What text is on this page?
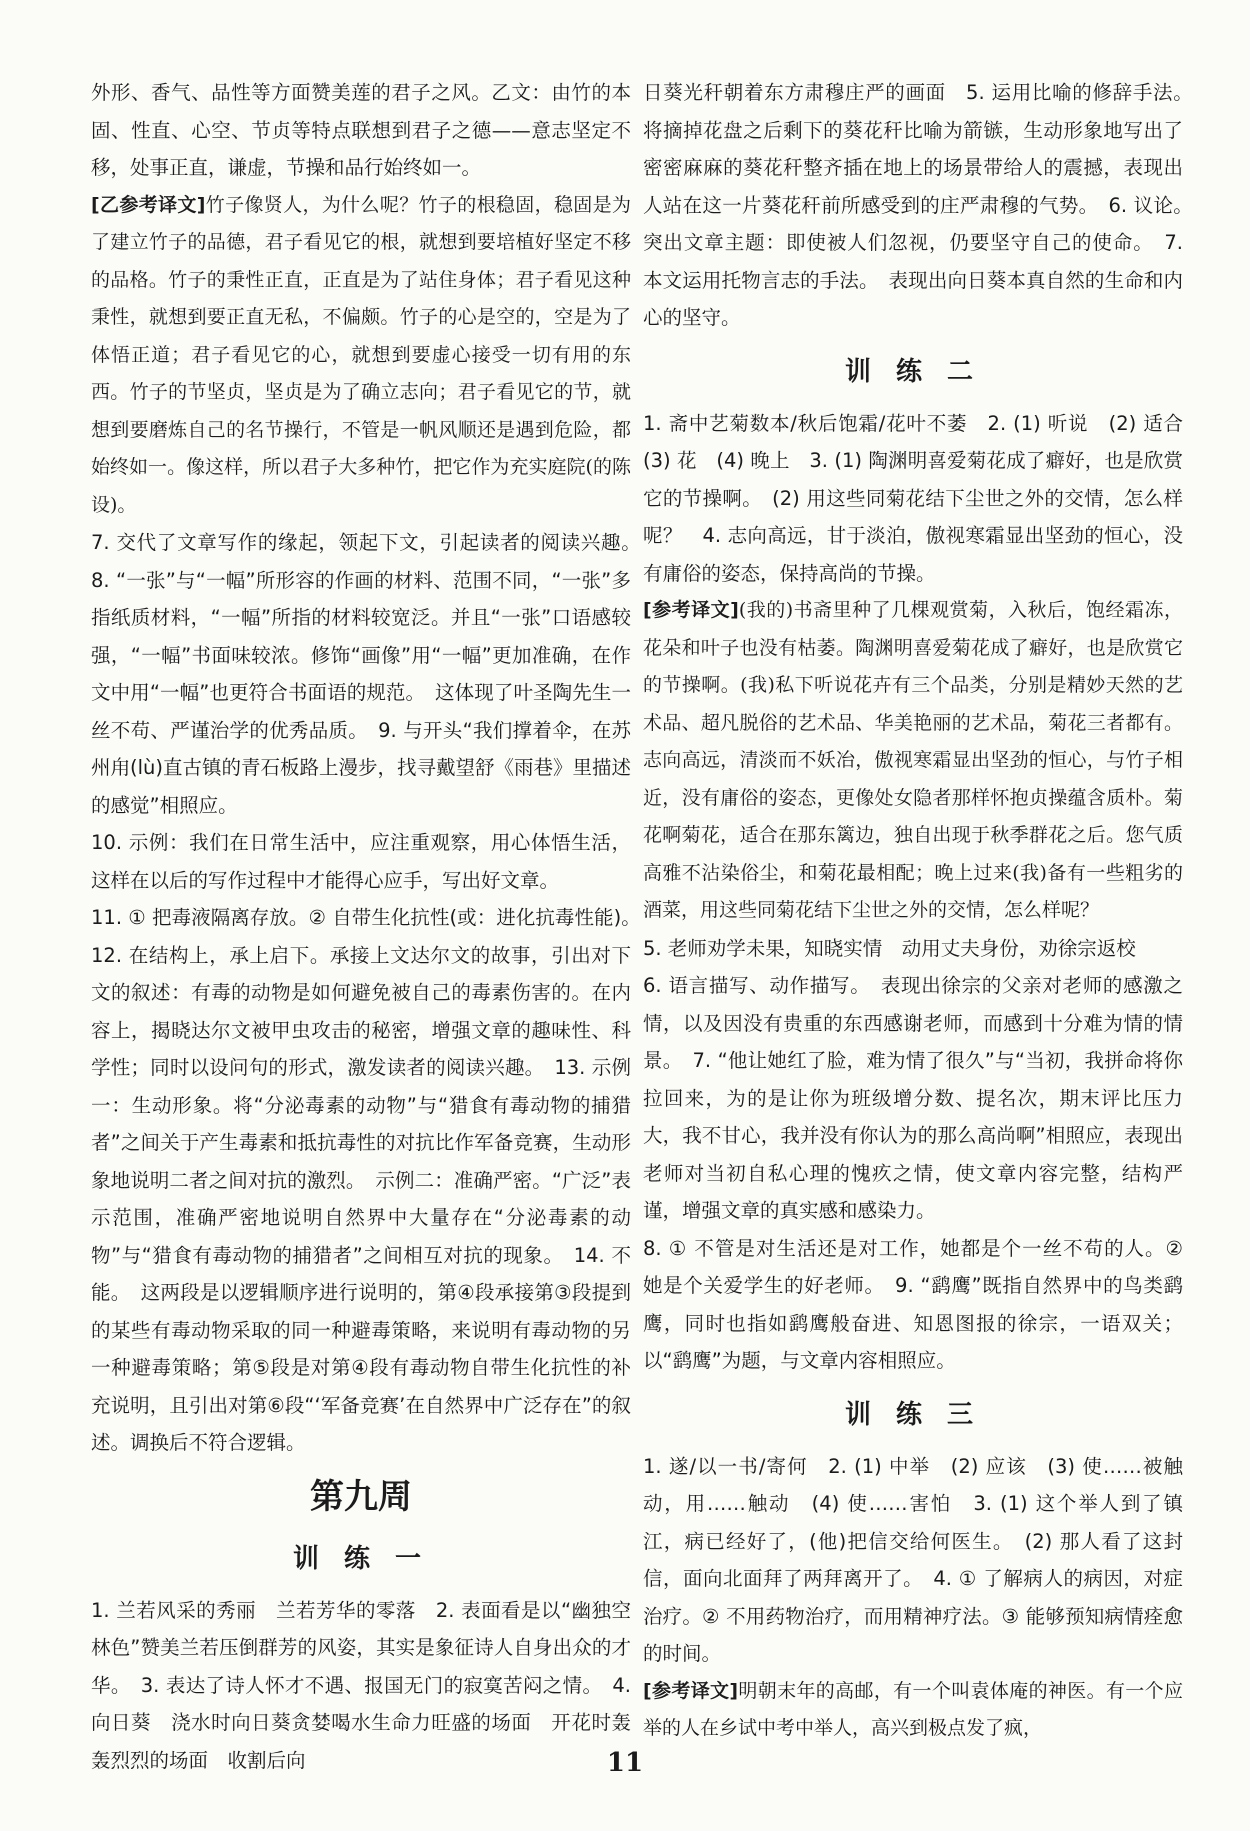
外形、香气、品性等方面赞美莲的君子之风。乙文：由竹的本固、性直、心空、节贞等特点联想到君子之德——意志坚定不移，处事正直，谦虚，节操和品行始终如一。

[乙参考译文]竹子像贤人，为什么呢？竹子的根稳固，稳固是为了建立竹子的品德，君子看见它的根，就想到要培植好坚定不移的品格。竹子的秉性正直，正直是为了站住身体；君子看见这种秉性，就想到要正直无私，不偏颇。竹子的心是空的，空是为了体悟正道；君子看见它的心，就想到要虚心接受一切有用的东西。竹子的节坚贞，坚贞是为了确立志向；君子看见它的节，就想到要磨炼自己的名节操行，不管是一帆风顺还是遇到危险，都始终如一。像这样，所以君子大多种竹，把它作为充实庭院(的陈设)。

7. 交代了文章写作的缘起，领起下文，引起读者的阅读兴趣。　8. “一张”与“一幅”所形容的作画的材料、范围不同，“一张”多指纸质材料，“一幅”所指的材料较宽泛。并且“一张”口语感较强，“一幅”书面味较浓。修饰“画像”用“一幅”更加准确，在作文中用“一幅”也更符合书面语的规范。　这体现了叶圣陶先生一丝不苟、严谨治学的优秀品质。　9. 与开头“我们撑着伞，在苏州甪(lù)直古镇的青石板路上漫步，找寻戴望舒《雨巷》里描述的感觉”相照应。

10. 示例：我们在日常生活中，应注重观察，用心体悟生活，这样在以后的写作过程中才能得心应手，写出好文章。

11. ① 把毒液隔离存放。② 自带生化抗性(或：进化抗毒性能)。　12. 在结构上，承上启下。承接上文达尔文的故事，引出对下文的叙述：有毒的动物是如何避免被自己的毒素伤害的。在内容上，揭晓达尔文被甲虫攻击的秘密，增强文章的趣味性、科学性；同时以设问句的形式，激发读者的阅读兴趣。　13. 示例一：生动形象。将“分泌毒素的动物”与“猎食有毒动物的捕猎者”之间关于产生毒素和抵抗毒性的对抗比作军备竞赛，生动形象地说明二者之间对抗的激烈。　示例二：准确严密。“广泛”表示范围，准确严密地说明自然界中大量存在“分泌毒素的动物”与“猎食有毒动物的捕猎者”之间相互对抗的现象。　14. 不能。　这两段是以逻辑顺序进行说明的，第④段承接第③段提到的某些有毒动物采取的同一种避毒策略，来说明有毒动物的另一种避毒策略；第⑤段是对第④段有毒动物自带生化抗性的补充说明，且引出对第⑥段“‘军备竞赛’在自然界中广泛存在”的叙述。调换后不符合逻辑。

第九周
训 练 一

1. 兰若风采的秀丽　兰若芳华的零落　2. 表面看是以“幽独空林色”赞美兰若压倒群芳的风姿，其实是象征诗人自身出众的才华。　3. 表达了诗人怀才不遇、报国无门的寂寞苦闷之情。　4. 向日葵　浇水时向日葵贪婪喝水生命力旺盛的场面　开花时轰轰烈烈的场面　收割后向

日葵光秆朝着东方肃穆庄严的画面　5. 运用比喻的修辞手法。　将摘掉花盘之后剩下的葵花秆比喻为箭镞，生动形象地写出了密密麻麻的葵花秆整齐插在地上的场景带给人的震撼，表现出人站在这一片葵花秆前所感受到的庄严肃穆的气势。　6. 议论。　突出文章主题：即使被人们忽视，仍要坚守自己的使命。　7. 本文运用托物言志的手法。　表现出向日葵本真自然的生命和内心的坚守。

训 练 二

1. 斋中艺菊数本/秋后饱霜/花叶不萎　2. (1) 听说　(2) 适合　(3) 花　(4) 晚上　3. (1) 陶渊明喜爱菊花成了癖好，也是欣赏它的节操啊。　(2) 用这些同菊花结下尘世之外的交情，怎么样呢？　4. 志向高远，甘于淡泊，傲视寒霜显出坚劲的恒心，没有庸俗的姿态，保持高尚的节操。

[参考译文](我的)书斋里种了几棵观赏菊，入秋后，饱经霜冻，花朵和叶子也没有枯萎。陶渊明喜爱菊花成了癖好，也是欣赏它的节操啊。(我)私下听说花卉有三个品类，分别是精妙天然的艺术品、超凡脱俗的艺术品、华美艳丽的艺术品，菊花三者都有。志向高远，清淡而不妖冶，傲视寒霜显出坚劲的恒心，与竹子相近，没有庸俗的姿态，更像处女隐者那样怀抱贞操蕴含质朴。菊花啊菊花，适合在那东篱边，独自出现于秋季群花之后。您气质高雅不沾染俗尘，和菊花最相配；晚上过来(我)备有一些粗劣的酒菜，用这些同菊花结下尘世之外的交情，怎么样呢？

5. 老师劝学未果，知晓实情　动用丈夫身份，劝徐宗返校

6. 语言描写、动作描写。　表现出徐宗的父亲对老师的感激之情，以及因没有贵重的东西感谢老师，而感到十分难为情的情景。　7. “他让她红了脸，难为情了很久”与“当初，我拼命将你拉回来，为的是让你为班级增分数、提名次，期末评比压力大，我不甘心，我并没有你认为的那么高尚啊”相照应，表现出老师对当初自私心理的愧疚之情，使文章内容完整，结构严谨，增强文章的真实感和感染力。

8. ① 不管是对生活还是对工作，她都是个一丝不苟的人。② 她是个关爱学生的好老师。　9. “鹞鹰”既指自然界中的鸟类鹞鹰，同时也指如鹞鹰般奋进、知恩图报的徐宗，一语双关；以“鹞鹰”为题，与文章内容相照应。

训 练 三

1. 遂/以一书/寄何　2. (1) 中举　(2) 应该　(3) 使……被触动，用……触动　(4) 使……害怕　3. (1) 这个举人到了镇江，病已经好了，(他)把信交给何医生。　(2) 那人看了这封信，面向北面拜了两拜离开了。　4. ① 了解病人的病因，对症治疗。② 不用药物治疗，而用精神疗法。③ 能够预知病情痊愈的时间。

[参考译文]明朝末年的高邮，有一个叫袁体庵的神医。有一个应举的人在乡试中考中举人，高兴到极点发了疯，

11
